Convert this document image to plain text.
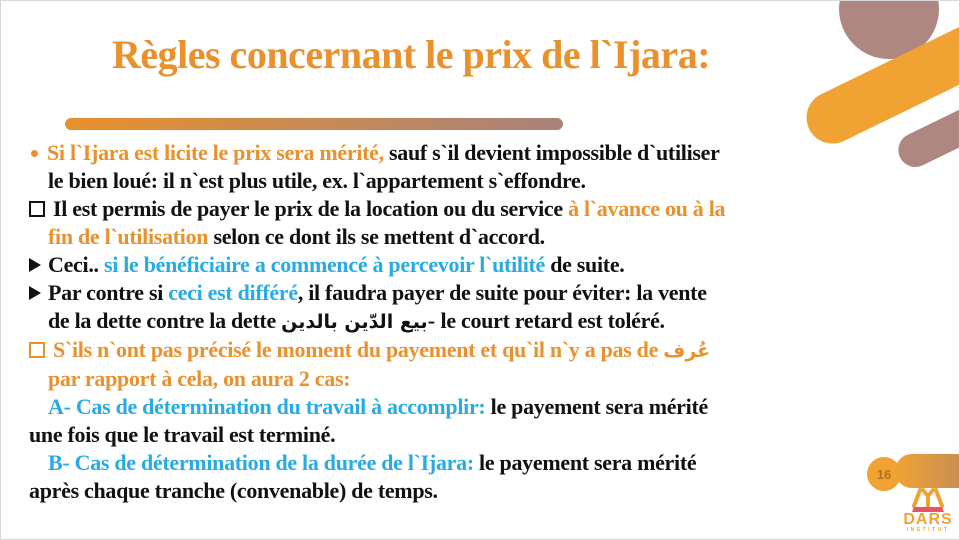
Règles concernant le prix de l`Ijara:
Si l`Ijara est licite le prix sera mérité, sauf s`il devient impossible d`utiliser
le bien loué: il n`est plus utile, ex. l`appartement s`effondre.
Il est permis de payer le prix de la location ou du service à l`avance ou à la
fin de l`utilisation selon ce dont ils se mettent d`accord.
Ceci.. si le bénéficiaire a commencé à percevoir l`utilité de suite.
Par contre si ceci est différé, il faudra payer de suite pour éviter: la vente
de la dette contre la dette بيع الدّين بالدين- le court retard est toléré.
S`ils n`ont pas précisé le moment du payement et qu`il n`y a pas de عُرف
par rapport à cela, on aura 2 cas:
A- Cas de détermination du travail à accomplir: le payement sera mérité
une fois que le travail est terminé.
B- Cas de détermination de la durée de l`Ijara: le payement sera mérité
après chaque tranche (convenable) de temps.
16
DARS
INSTITUT
